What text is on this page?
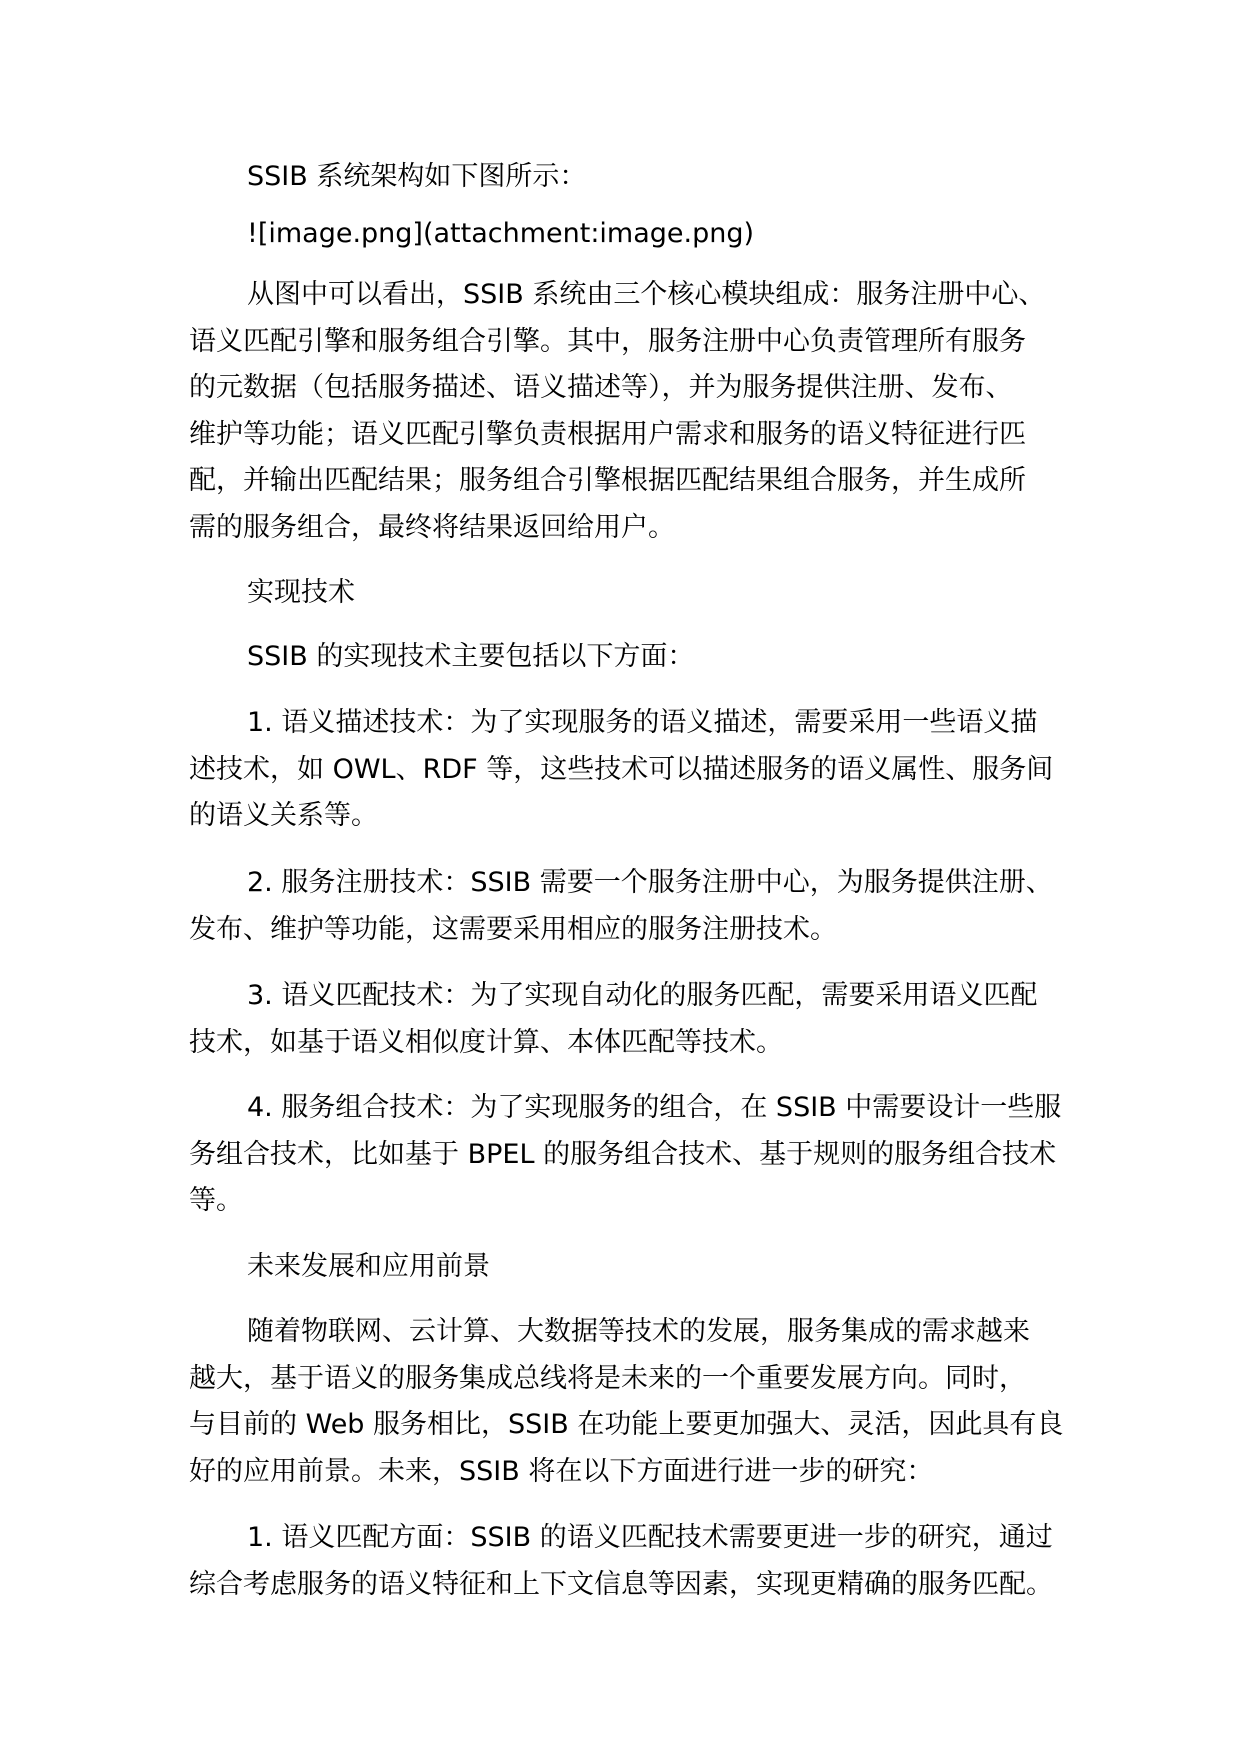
SSIB 系统架构如下图所示：
![image.png](attachment:image.png)
从图中可以看出，SSIB 系统由三个核心模块组成：服务注册中心、
语义匹配引擎和服务组合引擎。其中，服务注册中心负责管理所有服务
的元数据（包括服务描述、语义描述等），并为服务提供注册、发布、
维护等功能；语义匹配引擎负责根据用户需求和服务的语义特征进行匹
配，并输出匹配结果；服务组合引擎根据匹配结果组合服务，并生成所
需的服务组合，最终将结果返回给用户。
实现技术
SSIB 的实现技术主要包括以下方面：
1. 语义描述技术：为了实现服务的语义描述，需要采用一些语义描
述技术，如 OWL、RDF 等，这些技术可以描述服务的语义属性、服务间
的语义关系等。
2. 服务注册技术：SSIB 需要一个服务注册中心，为服务提供注册、
发布、维护等功能，这需要采用相应的服务注册技术。
3. 语义匹配技术：为了实现自动化的服务匹配，需要采用语义匹配
技术，如基于语义相似度计算、本体匹配等技术。
4. 服务组合技术：为了实现服务的组合，在 SSIB 中需要设计一些服
务组合技术，比如基于 BPEL 的服务组合技术、基于规则的服务组合技术
等。
未来发展和应用前景
随着物联网、云计算、大数据等技术的发展，服务集成的需求越来
越大，基于语义的服务集成总线将是未来的一个重要发展方向。同时，
与目前的 Web 服务相比，SSIB 在功能上要更加强大、灵活，因此具有良
好的应用前景。未来，SSIB 将在以下方面进行进一步的研究：
1. 语义匹配方面：SSIB 的语义匹配技术需要更进一步的研究，通过
综合考虑服务的语义特征和上下文信息等因素，实现更精确的服务匹配。
